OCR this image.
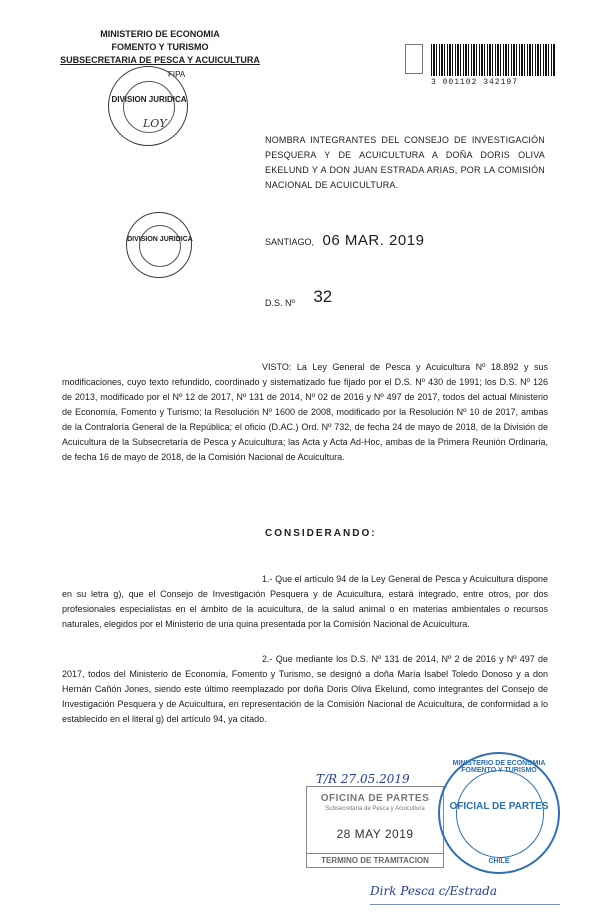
MINISTERIO DE ECONOMIA
FOMENTO Y TURISMO
SUBSECRETARIA DE PESCA Y ACUICULTURA
FIPA
DIVISION JURIDICA
LOY
DIVISION JURIDICA
3 001102 342197
NOMBRA INTEGRANTES DEL CONSEJO DE INVESTIGACIÓN PESQUERA Y DE ACUICULTURA A DOÑA DORIS OLIVA EKELUND Y A DON JUAN ESTRADA ARIAS, POR LA COMISIÓN NACIONAL DE ACUICULTURA.
SANTIAGO, 06 MAR. 2019
D.S. Nº 32

VISTO: La Ley General de Pesca y Acuicultura Nº 18.892 y sus modificaciones, cuyo texto refundido, coordinado y sistematizado fue fijado por el D.S. Nº 430 de 1991; los D.S. Nº 126 de 2013, modificado por el Nº 12 de 2017, Nº 131 de 2014, Nº 02 de 2016 y Nº 497 de 2017, todos del actual Ministerio de Economía, Fomento y Turismo; la Resolución Nº 1600 de 2008, modificado por la Resolución Nº 10 de 2017, ambas de la Contraloría General de la República; el oficio (D.AC.) Ord. Nº 732, de fecha 24 de mayo de 2018, de la División de Acuicultura de la Subsecretaría de Pesca y Acuicultura; las Acta y Acta Ad-Hoc, ambas de la Primera Reunión Ordinaria, de fecha 16 de mayo de 2018, de la Comisión Nacional de Acuicultura.

CONSIDERANDO:

1.- Que el artículo 94 de la Ley General de Pesca y Acuicultura dispone en su letra g), que el Consejo de Investigación Pesquera y de Acuicultura, estará integrado, entre otros, por dos profesionales especialistas en el ámbito de la acuicultura, de la salud animal o en materias ambientales o recursos naturales, elegidos por el Ministerio de una quina presentada por la Comisión Nacional de Acuicultura.

2.- Que mediante los D.S. Nº 131 de 2014, Nº 2 de 2016 y Nº 497 de 2017, todos del Ministerio de Economía, Fomento y Turismo, se designó a doña María Isabel Toledo Donoso y a don Hernán Cañón Jones, siendo este último reemplazado por doña Doris Oliva Ekelund, como integrantes del Consejo de Investigación Pesquera y de Acuicultura, en representación de la Comisión Nacional de Acuicultura, de conformidad a lo establecido en el literal g) del artículo 94, ya citado.

T/R 27.05.2019
OFICINA DE PARTES
Subsecretaria de Pesca y Acuicultura
28 MAY 2019
TERMINO DE TRAMITACION
MINISTERIO DE ECONOMIA FOMENTO Y TURISMO
OFICIAL DE PARTES
CHILE
Dirk Pesca c/Estrada
